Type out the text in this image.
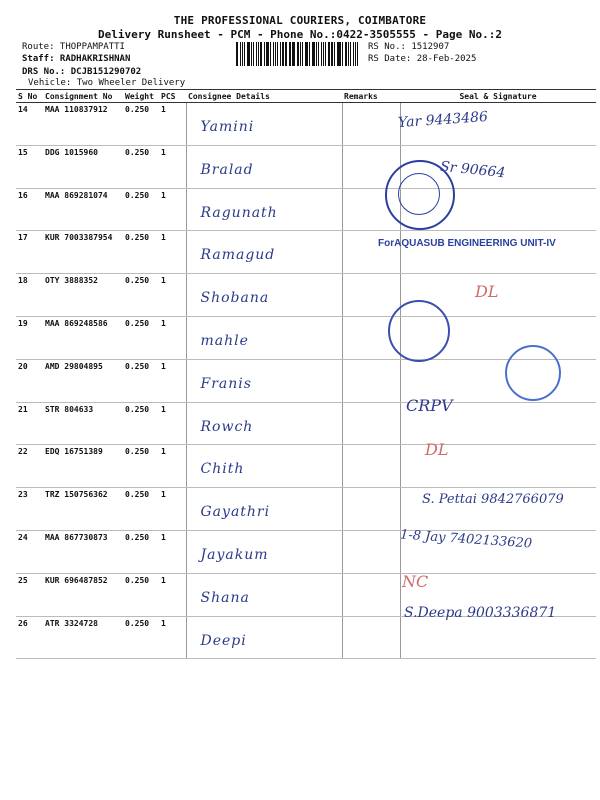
THE PROFESSIONAL COURIERS, COIMBATORE
Delivery Runsheet - PCM - Phone No.:0422-3505555 - Page No.:2
Route: THOPPAMPATTI
Staff: RADHAKRISHNAN
DRS No.: DCJB151290702
Vehicle: Two Wheeler Delivery
RS No.: 1512907
RS Date: 28-Feb-2025
S No	Consignment No	Weight	PCS	Consignee Details	Remarks	Seal & Signature
14	MAA 110837912	0.250	1	Yamini		
15	DDG 1015960	0.250	1	Bralad		
16	MAA 869281074	0.250	1	Ragunath		
17	KUR 7003387954	0.250	1	Ramagud		
18	OTY 3888352	0.250	1	Shobana		
19	MAA 869248586	0.250	1	mahle		
20	AMD 29804895	0.250	1	Franis		
21	STR 804633	0.250	1	Rowch		
22	EDQ 16751389	0.250	1	Chith		
23	TRZ 150756362	0.250	1	Gayathri		
24	MAA 867730873	0.250	1	Jayakum		
25	KUR 696487852	0.250	1	Shana		
26	ATR 3324728	0.250	1	Deepi		
Yar 9443486
Sr 90664
ForAQUASUB ENGINEERING UNIT-IV
DL
CRPV
DL
S. Pettai 9842766079
1-8 Jay 7402133620
NC
S.Deepa 9003336871
